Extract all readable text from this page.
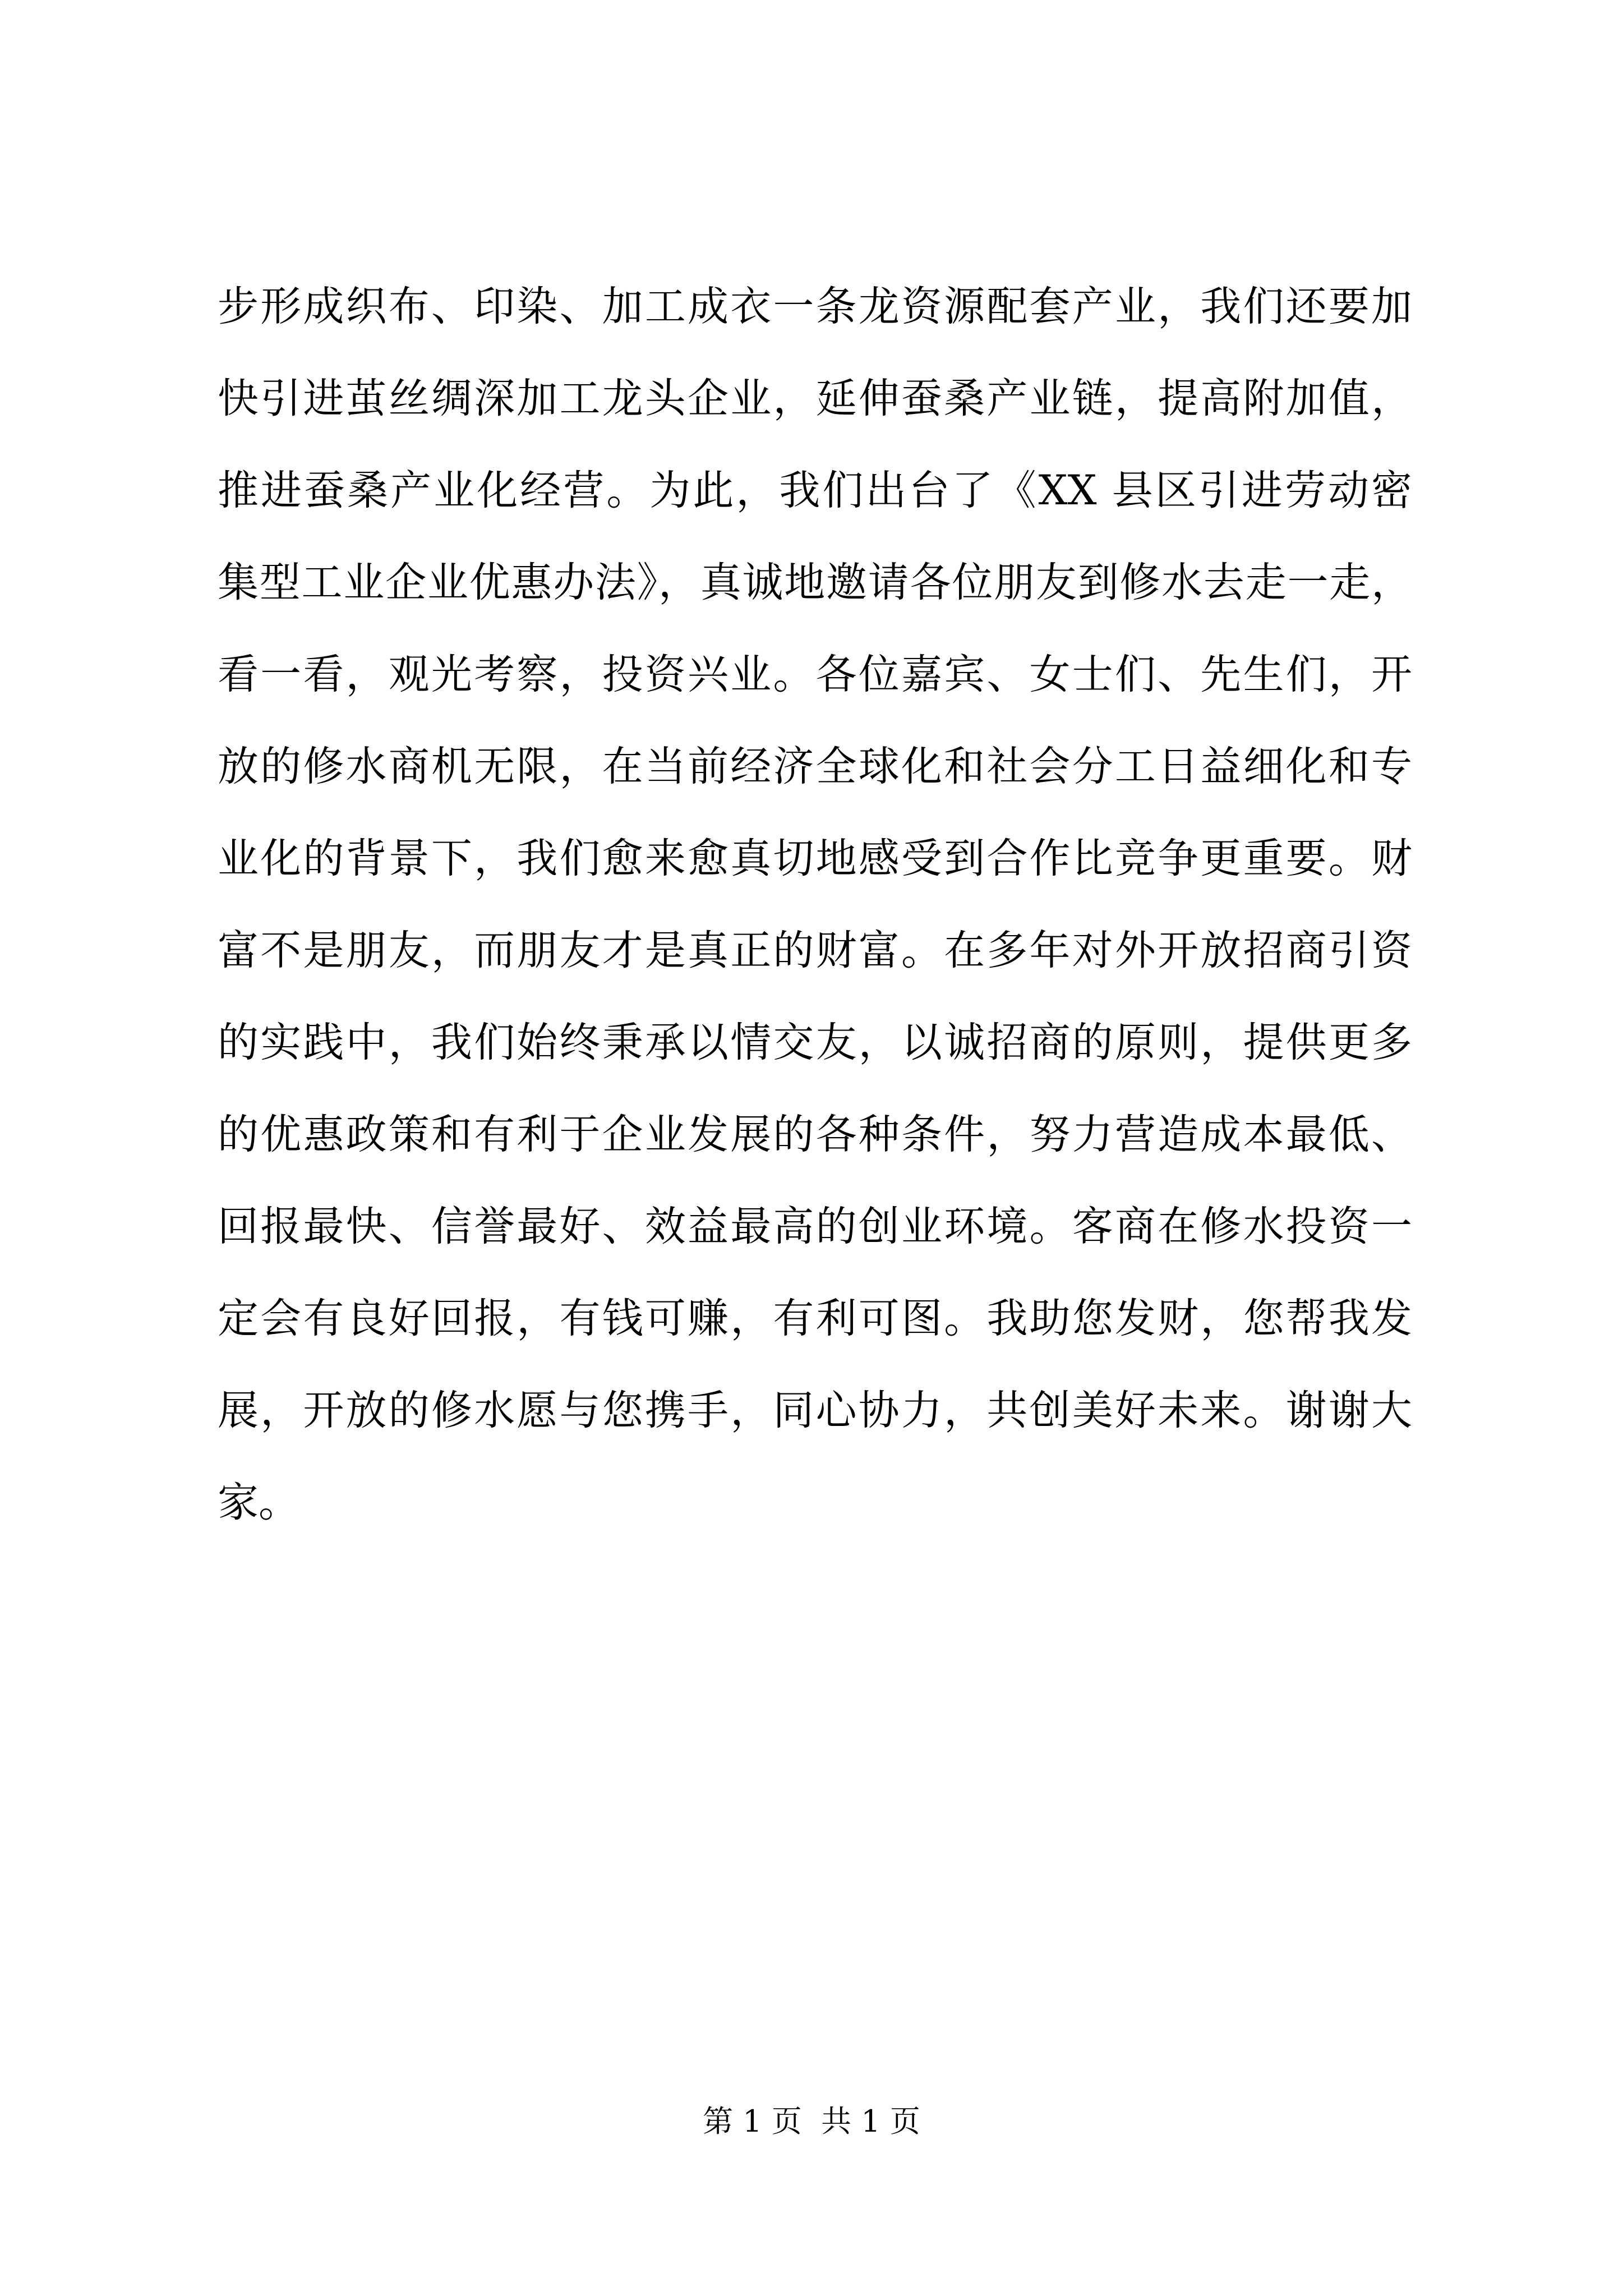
步形成织布、印染、加工成衣一条龙资源配套产业，我们还要加
快引进茧丝绸深加工龙头企业，延伸蚕桑产业链，提高附加值，
推进蚕桑产业化经营。为此，我们出台了《XX 县区引进劳动密
集型工业企业优惠办法》，真诚地邀请各位朋友到修水去走一走，
看一看，观光考察，投资兴业。各位嘉宾、女士们、先生们，开
放的修水商机无限，在当前经济全球化和社会分工日益细化和专
业化的背景下，我们愈来愈真切地感受到合作比竞争更重要。财
富不是朋友，而朋友才是真正的财富。在多年对外开放招商引资
的实践中，我们始终秉承以情交友，以诚招商的原则，提供更多
的优惠政策和有利于企业发展的各种条件，努力营造成本最低、
回报最快、信誉最好、效益最高的创业环境。客商在修水投资一
定会有良好回报，有钱可赚，有利可图。我助您发财，您帮我发
展，开放的修水愿与您携手，同心协力，共创美好未来。谢谢大
家。
第 1 页  共 1 页
